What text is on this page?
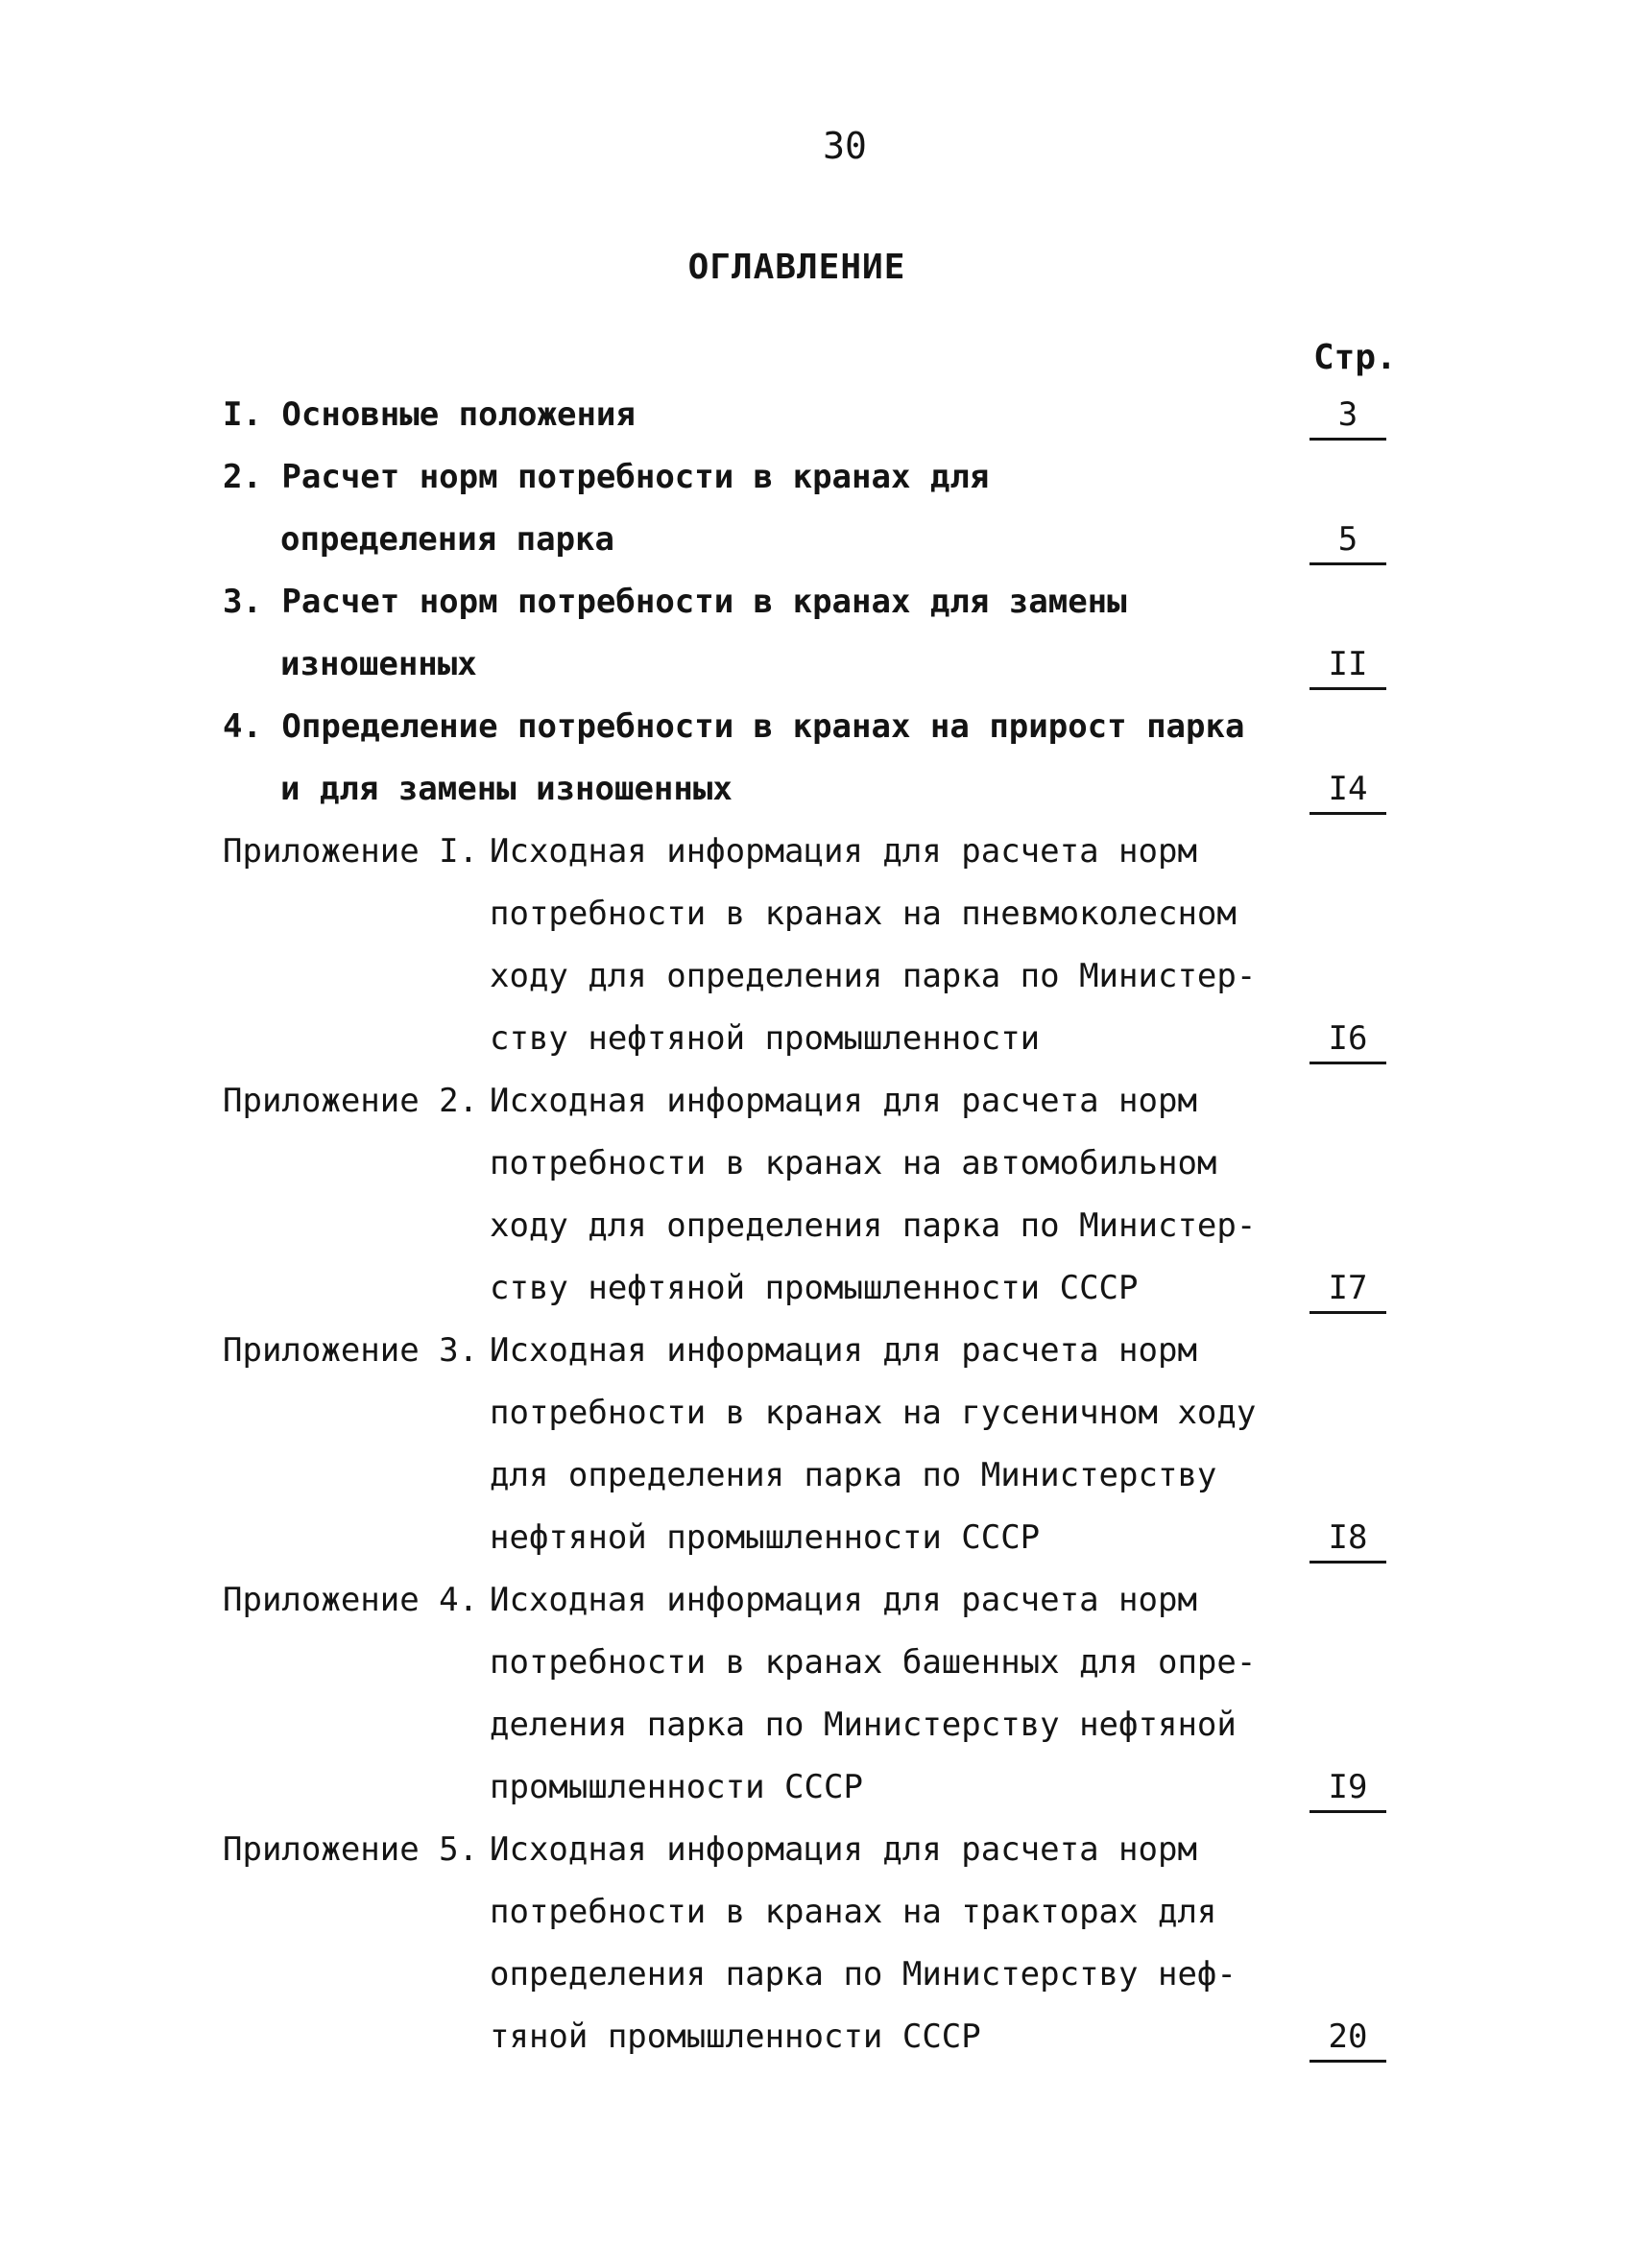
30
ОГЛАВЛЕНИЕ
Стр.
I. Основные положения	3
2. Расчет норм потребности в кранах для
определения парка	5
3. Расчет норм потребности в кранах для замены
изношенных	II
4. Определение потребности в кранах на прирост парка
и для замены изношенных	I4
Приложение I. Исходная информация для расчета норм
потребности в кранах на пневмоколесном
ходу для определения парка по Министер-
ству нефтяной промышленности	I6
Приложение 2. Исходная информация для расчета норм
потребности в кранах на автомобильном
ходу для определения парка по Министер-
ству нефтяной промышленности СССР	I7
Приложение 3. Исходная информация для расчета норм
потребности в кранах на гусеничном ходу
для определения парка по Министерству
нефтяной промышленности СССР	I8
Приложение 4. Исходная информация для расчета норм
потребности в кранах башенных для опре-
деления парка по Министерству нефтяной
промышленности СССР	I9
Приложение 5. Исходная информация для расчета норм
потребности в кранах на тракторах для
определения парка по Министерству неф-
тяной промышленности СССР	20
